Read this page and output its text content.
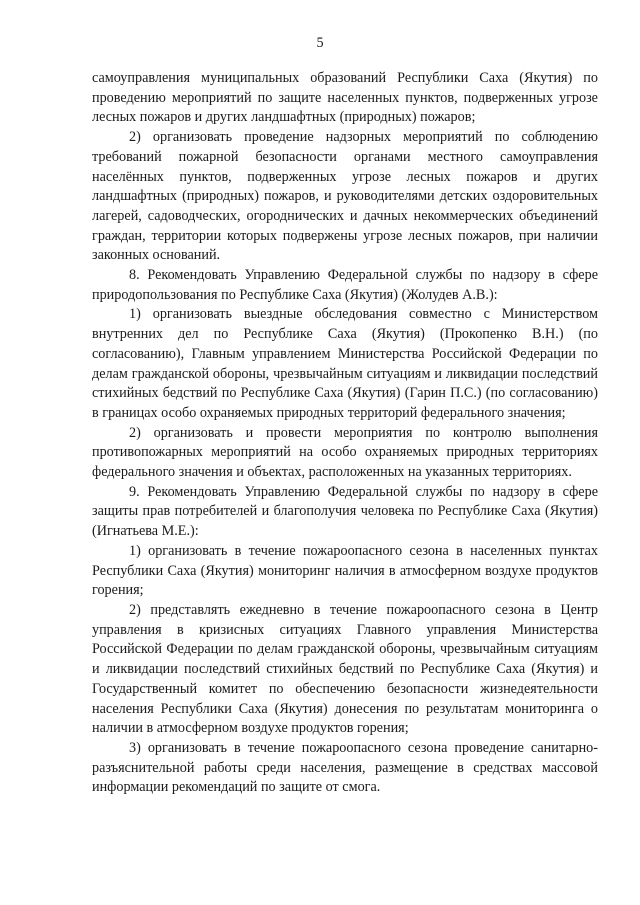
5

самоуправления муниципальных образований Республики Саха (Якутия) по проведению мероприятий по защите населенных пунктов, подверженных угрозе лесных пожаров и других ландшафтных (природных) пожаров;

2) организовать проведение надзорных мероприятий по соблюдению требований пожарной безопасности органами местного самоуправления населённых пунктов, подверженных угрозе лесных пожаров и других ландшафтных (природных) пожаров, и руководителями детских оздоровительных лагерей, садоводческих, огороднических и дачных некоммерческих объединений граждан, территории которых подвержены угрозе лесных пожаров, при наличии законных оснований.

8. Рекомендовать Управлению Федеральной службы по надзору в сфере природопользования по Республике Саха (Якутия) (Жолудев А.В.):

1) организовать выездные обследования совместно с Министерством внутренних дел по Республике Саха (Якутия) (Прокопенко В.Н.) (по согласованию), Главным управлением Министерства Российской Федерации по делам гражданской обороны, чрезвычайным ситуациям и ликвидации последствий стихийных бедствий по Республике Саха (Якутия) (Гарин П.С.) (по согласованию) в границах особо охраняемых природных территорий федерального значения;

2) организовать и провести мероприятия по контролю выполнения противопожарных мероприятий на особо охраняемых природных территориях федерального значения и объектах, расположенных на указанных территориях.

9. Рекомендовать Управлению Федеральной службы по надзору в сфере защиты прав потребителей и благополучия человека по Республике Саха (Якутия) (Игнатьева М.Е.):

1) организовать в течение пожароопасного сезона в населенных пунктах Республики Саха (Якутия) мониторинг наличия в атмосферном воздухе продуктов горения;

2) представлять ежедневно в течение пожароопасного сезона в Центр управления в кризисных ситуациях Главного управления Министерства Российской Федерации по делам гражданской обороны, чрезвычайным ситуациям и ликвидации последствий стихийных бедствий по Республике Саха (Якутия) и Государственный комитет по обеспечению безопасности жизнедеятельности населения Республики Саха (Якутия) донесения по результатам мониторинга о наличии в атмосферном воздухе продуктов горения;

3) организовать в течение пожароопасного сезона проведение санитарно-разъяснительной работы среди населения, размещение в средствах массовой информации рекомендаций по защите от смога.
